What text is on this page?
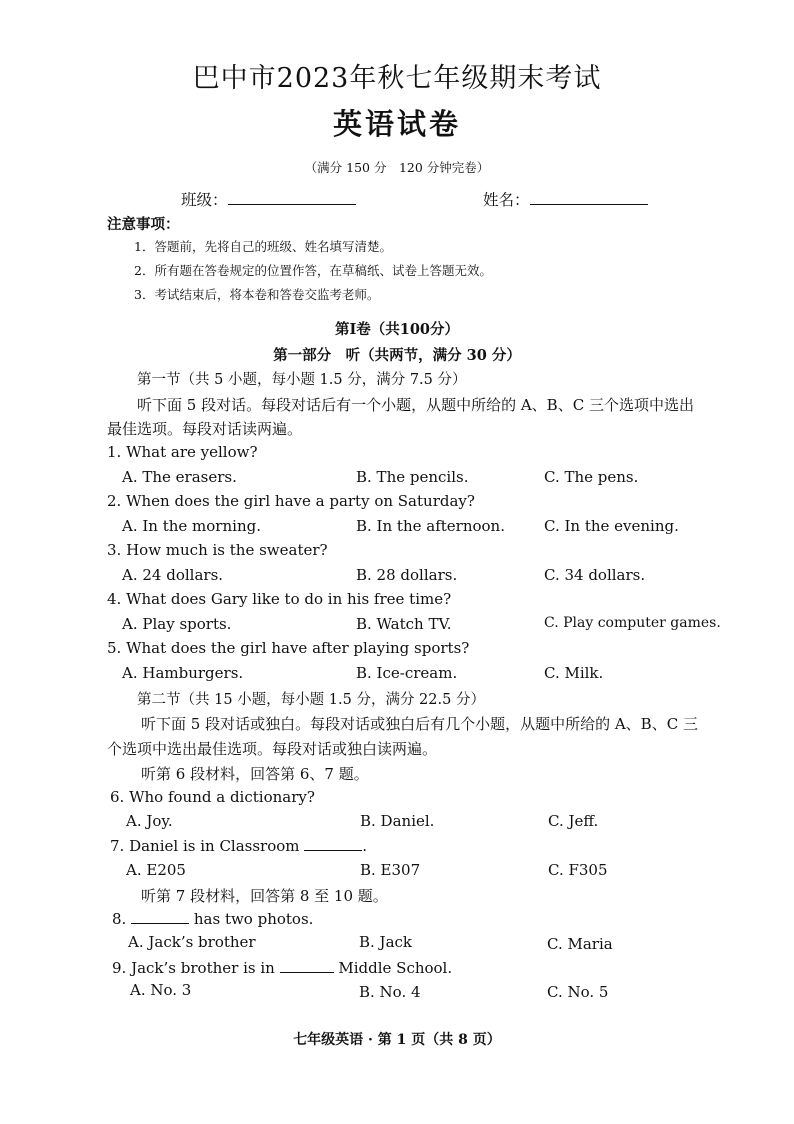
巴中市2023年秋七年级期末考试
英语试卷
（满分 150 分　120 分钟完卷）
班级：	姓名：
注意事项：
1．答题前，先将自己的班级、姓名填写清楚。
2．所有题在答卷规定的位置作答，在草稿纸、试卷上答题无效。
3．考试结束后，将本卷和答卷交监考老师。
第Ⅰ卷（共100分）
第一部分　听（共两节，满分 30 分）
第一节（共 5 小题，每小题 1.5 分，满分 7.5 分）
听下面 5 段对话。每段对话后有一个小题，从题中所给的 A、B、C 三个选项中选出
最佳选项。每段对话读两遍。
1. What are yellow?
A. The erasers.	B. The pencils.	C. The pens.
2. When does the girl have a party on Saturday?
A. In the morning.	B. In the afternoon.	C. In the evening.
3. How much is the sweater?
A. 24 dollars.	B. 28 dollars.	C. 34 dollars.
4. What does Gary like to do in his free time?
A. Play sports.	B. Watch TV.	C. Play computer games.
5. What does the girl have after playing sports?
A. Hamburgers.	B. Ice-cream.	C. Milk.
第二节（共 15 小题，每小题 1.5 分，满分 22.5 分）
听下面 5 段对话或独白。每段对话或独白后有几个小题，从题中所给的 A、B、C 三
个选项中选出最佳选项。每段对话或独白读两遍。
听第 6 段材料，回答第 6、7 题。
6. Who found a dictionary?
A. Joy.	B. Daniel.	C. Jeff.
7. Daniel is in Classroom	.
A. E205	B. E307	C. F305
听第 7 段材料，回答第 8 至 10 题。
8.	has two photos.
A. Jack’s brother	B. Jack	C. Maria
9. Jack’s brother is in	Middle School.
A. No. 3	B. No. 4	C. No. 5
七年级英语 · 第 1 页（共 8 页）
